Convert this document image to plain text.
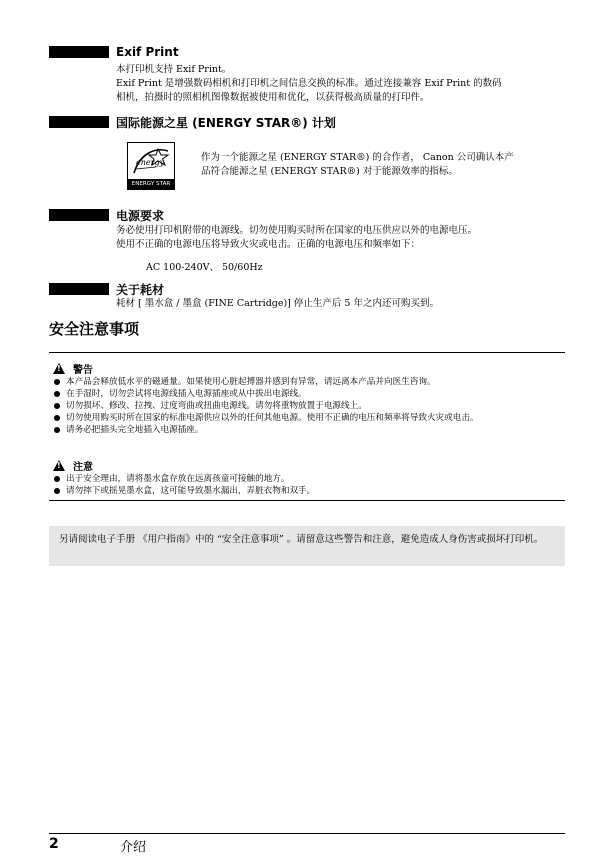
Exif Print
本打印机支持 Exif Print。
Exif Print 是增强数码相机和打印机之间信息交换的标准。通过连接兼容 Exif Print 的数码
相机，拍摄时的照相机图像数据被使用和优化，以获得极高质量的打印件。
国际能源之星 (ENERGY STAR®) 计划
energy
ENERGY STAR
作为一个能源之星 (ENERGY STAR®) 的合作者， Canon 公司确认本产
品符合能源之星 (ENERGY STAR®) 对于能源效率的指标。
电源要求
务必使用打印机附带的电源线。切勿使用购买时所在国家的电压供应以外的电源电压。
使用不正确的电源电压将导致火灾或电击。正确的电源电压和频率如下：
AC 100-240V、 50/60Hz
关于耗材
耗材 [ 墨水盒 / 墨盒 (FINE Cartridge)] 停止生产后 5 年之内还可购买到。
安全注意事项
!
警告
本产品会释放低水平的磁通量。如果使用心脏起搏器并感到有异常，请远离本产品并向医生咨询。
在手湿时，切勿尝试将电源线插入电源插座或从中拔出电源线。
切勿损坏、修改、拉拽、过度弯曲或扭曲电源线。请勿将重物放置于电源线上。
切勿使用购买时所在国家的标准电源供应以外的任何其他电源。使用不正确的电压和频率将导致火灾或电击。
请务必把插头完全地插入电源插座。
!
注意
出于安全理由，请将墨水盒存放在远离孩童可接触的地方。
请勿摔下或摇晃墨水盒，这可能导致墨水漏出，弄脏衣物和双手。
另请阅读电子手册 《用户指南》中的 “安全注意事项” 。请留意这些警告和注意，避免造成人身伤害或损坏打印机。
2	介绍
